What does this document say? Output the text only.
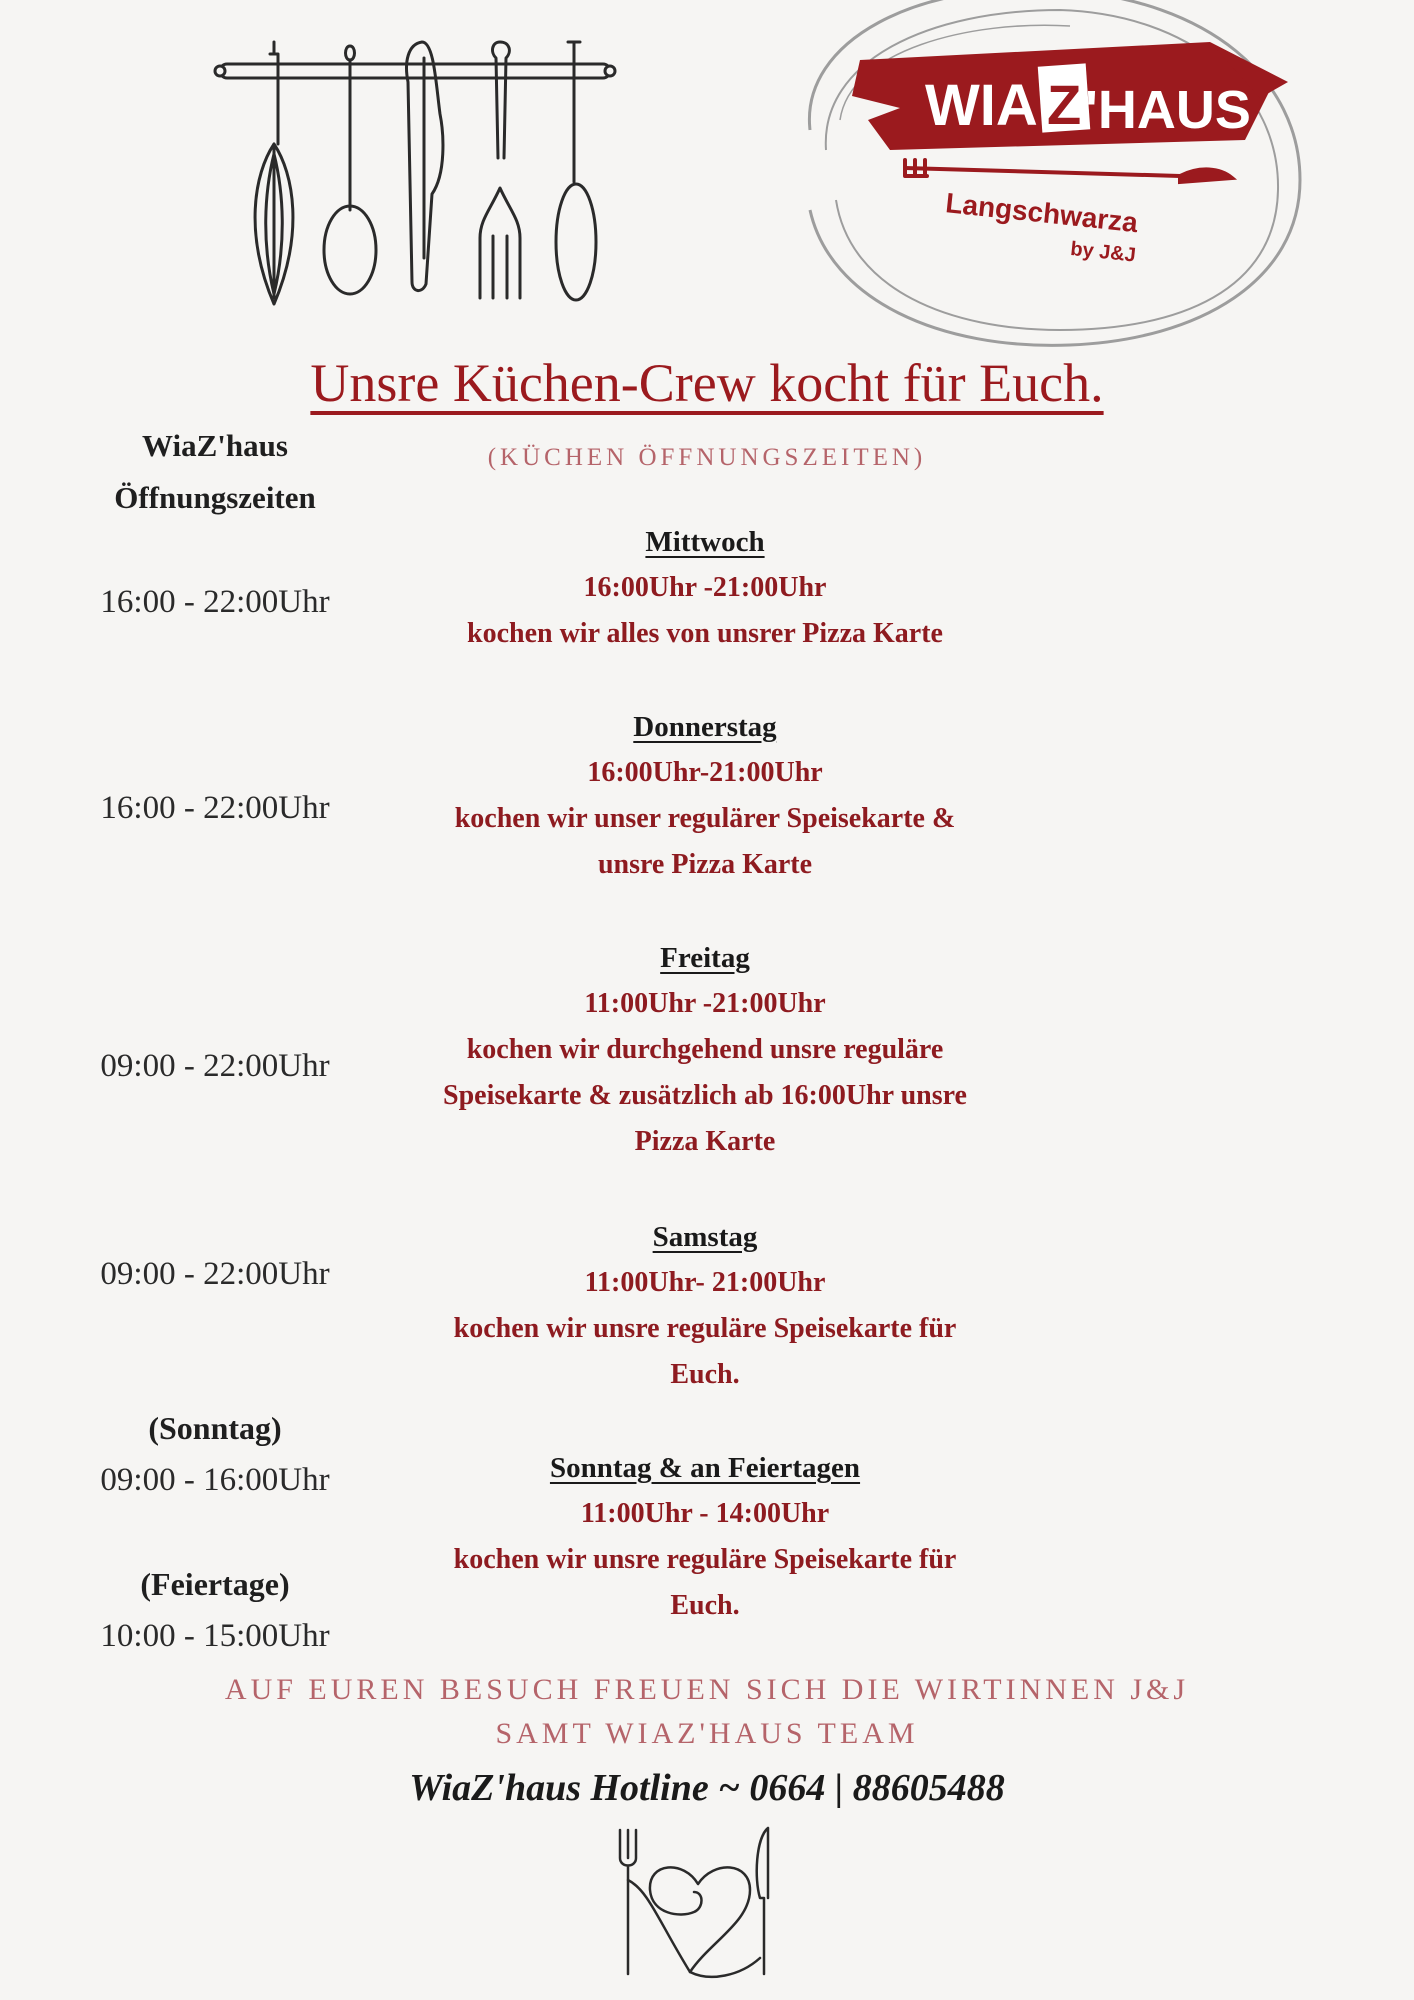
WIA Z 'HAUS
Langschwarza
by J&J
Unsre Küchen-Crew kocht für Euch.
(KÜCHEN ÖFFNUNGSZEITEN)
WiaZ'haus
Öffnungszeiten
16:00 - 22:00Uhr
16:00 - 22:00Uhr
09:00 - 22:00Uhr
09:00 - 22:00Uhr
(Sonntag)
09:00 - 16:00Uhr
(Feiertage)
10:00 - 15:00Uhr
Mittwoch
16:00Uhr -21:00Uhr
kochen wir alles von unsrer Pizza Karte
Donnerstag
16:00Uhr-21:00Uhr
kochen wir unser regulärer Speisekarte &
unsre Pizza Karte
Freitag
11:00Uhr -21:00Uhr
kochen wir durchgehend unsre reguläre
Speisekarte & zusätzlich ab 16:00Uhr unsre
Pizza Karte
Samstag
11:00Uhr- 21:00Uhr
kochen wir unsre reguläre Speisekarte für
Euch.
Sonntag & an Feiertagen
11:00Uhr - 14:00Uhr
kochen wir unsre reguläre Speisekarte für
Euch.
AUF EUREN BESUCH FREUEN SICH DIE WIRTINNEN J&J
SAMT WIAZ'HAUS TEAM
WiaZ'haus Hotline ~ 0664 | 88605488
